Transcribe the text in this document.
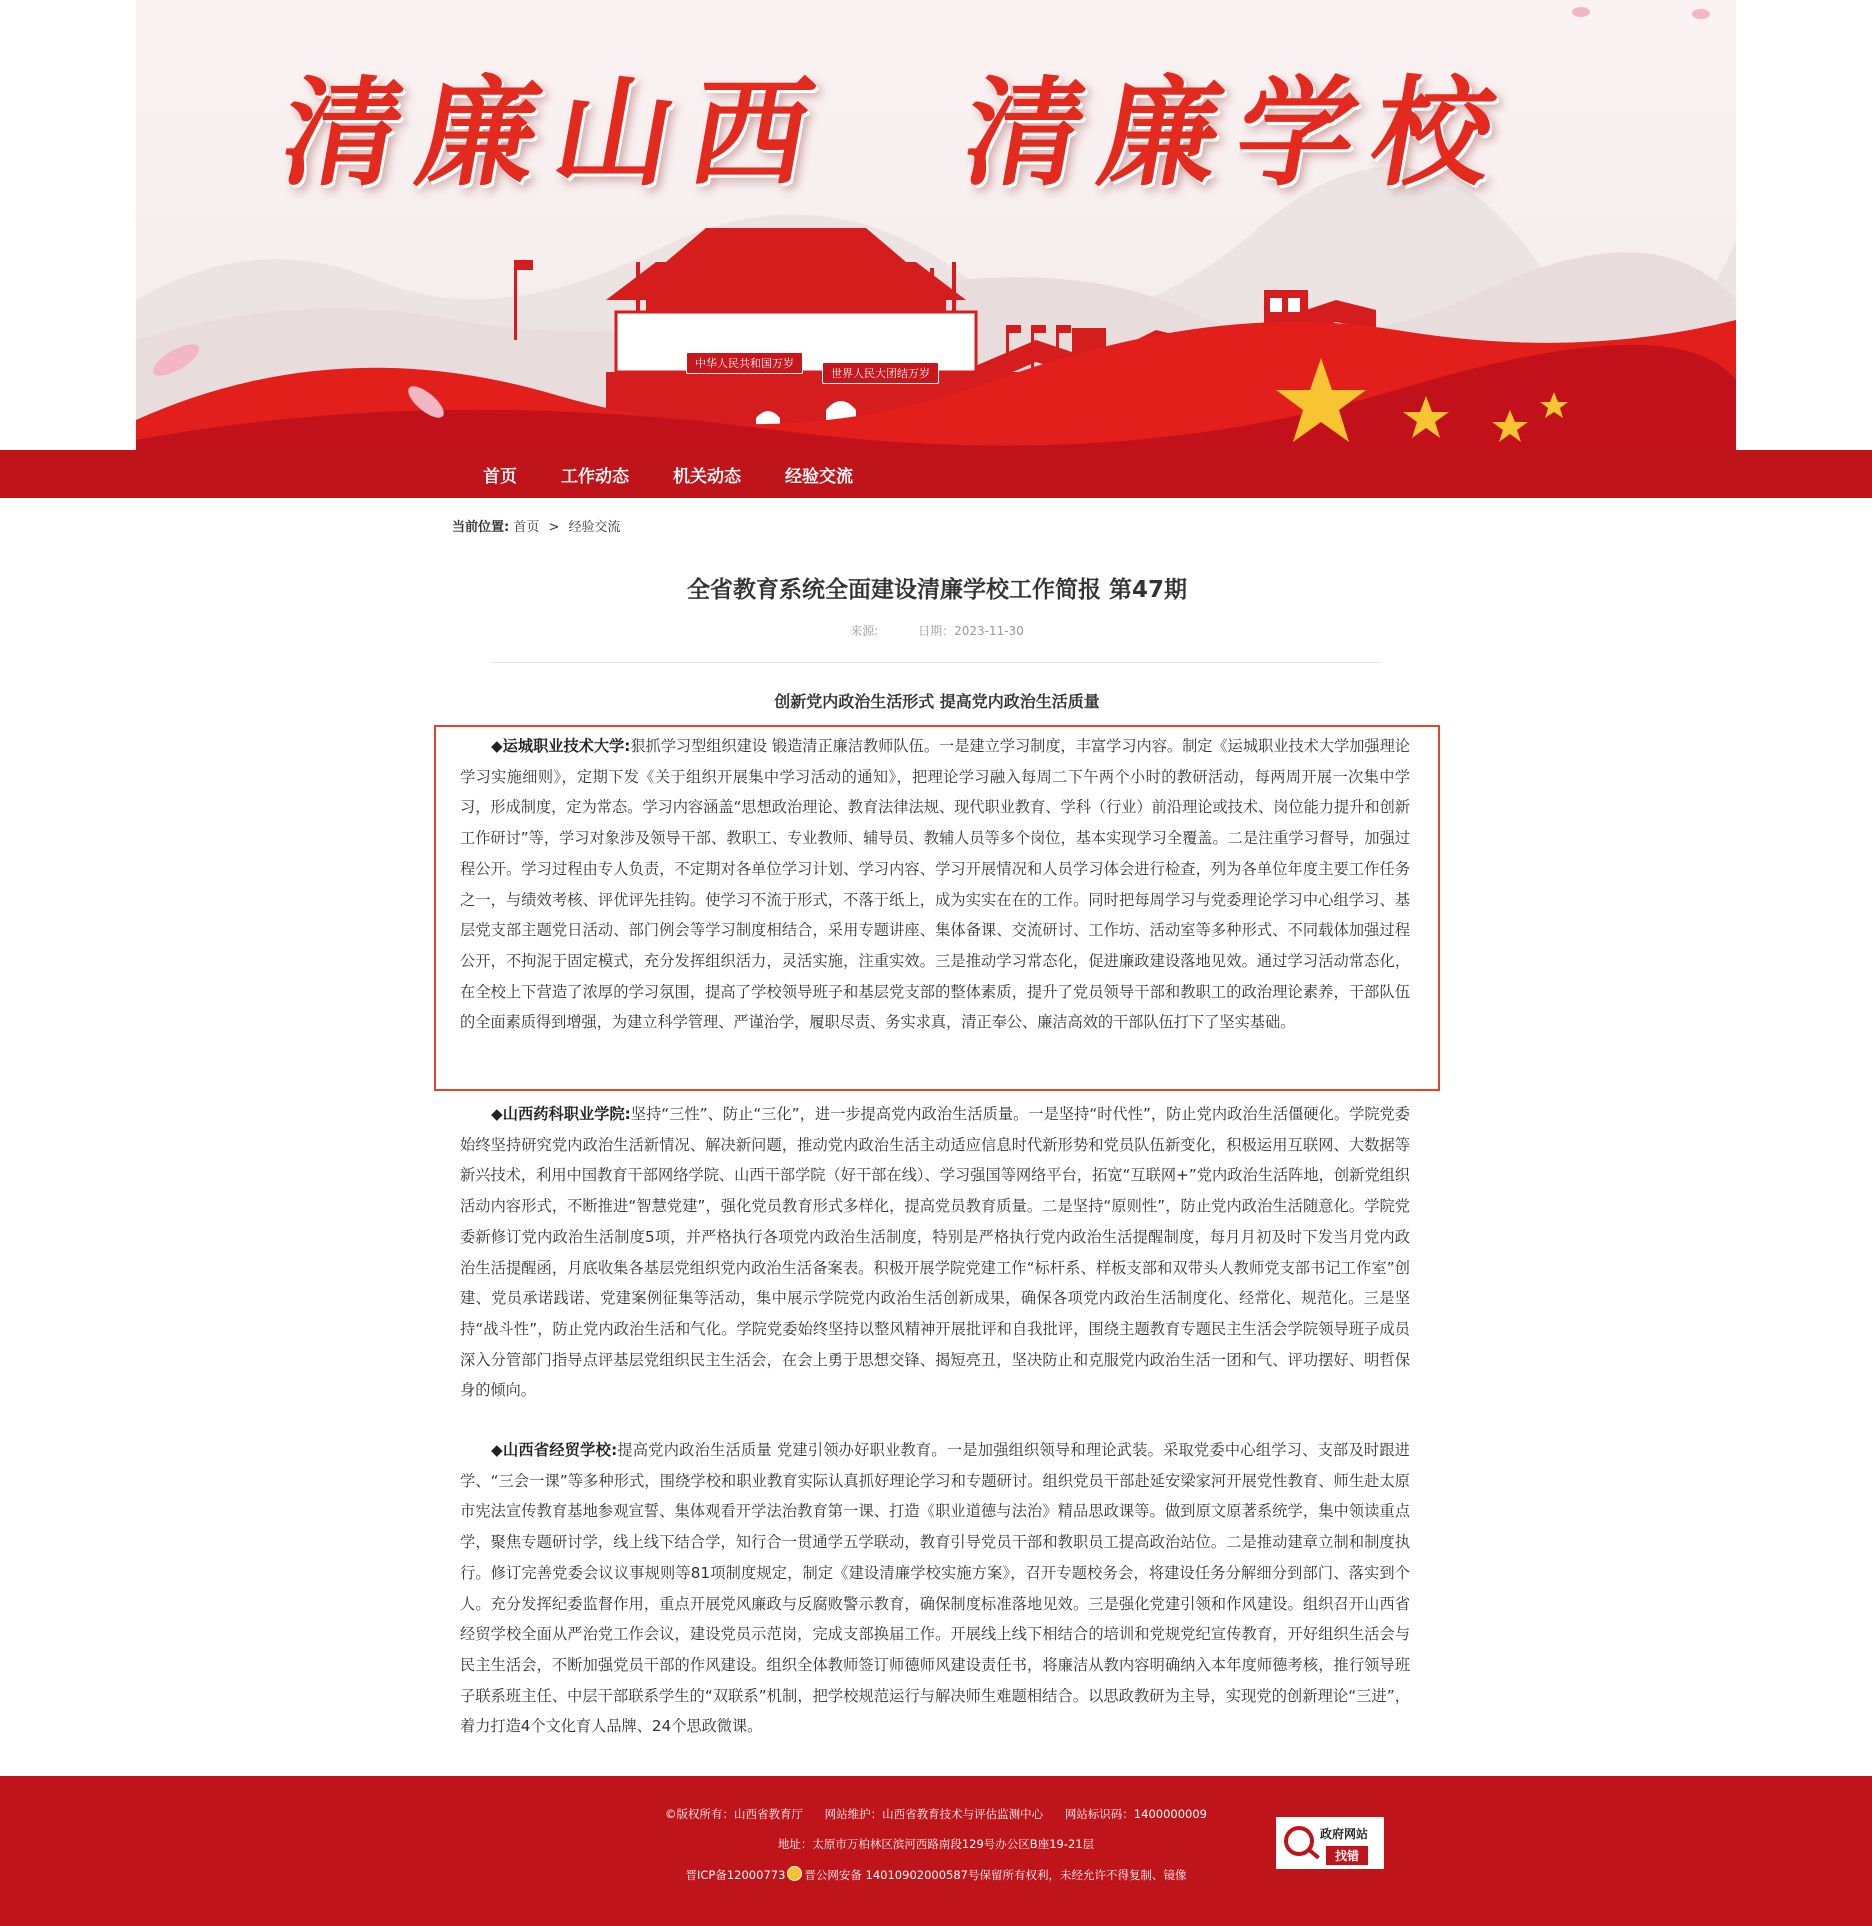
清廉山西 清廉学校
中华人民共和国万岁
世界人民大团结万岁
首页	工作动态	机关动态	经验交流
当前位置: 首页 > 经验交流
全省教育系统全面建设清廉学校工作简报 第47期
来源:	日期：2023-11-30
创新党内政治生活形式 提高党内政治生活质量

◆运城职业技术大学:狠抓学习型组织建设 锻造清正廉洁教师队伍。一是建立学习制度，丰富学习内容。制定《运城职业技术大学加强理论学习实施细则》，定期下发《关于组织开展集中学习活动的通知》，把理论学习融入每周二下午两个小时的教研活动，每两周开展一次集中学习，形成制度，定为常态。学习内容涵盖“思想政治理论、教育法律法规、现代职业教育、学科（行业）前沿理论或技术、岗位能力提升和创新工作研讨”等，学习对象涉及领导干部、教职工、专业教师、辅导员、教辅人员等多个岗位，基本实现学习全覆盖。二是注重学习督导，加强过程公开。学习过程由专人负责，不定期对各单位学习计划、学习内容、学习开展情况和人员学习体会进行检查，列为各单位年度主要工作任务之一，与绩效考核、评优评先挂钩。使学习不流于形式，不落于纸上，成为实实在在的工作。同时把每周学习与党委理论学习中心组学习、基层党支部主题党日活动、部门例会等学习制度相结合，采用专题讲座、集体备课、交流研讨、工作坊、活动室等多种形式、不同载体加强过程公开，不拘泥于固定模式，充分发挥组织活力，灵活实施，注重实效。三是推动学习常态化，促进廉政建设落地见效。通过学习活动常态化，在全校上下营造了浓厚的学习氛围，提高了学校领导班子和基层党支部的整体素质，提升了党员领导干部和教职工的政治理论素养，干部队伍的全面素质得到增强，为建立科学管理、严谨治学，履职尽责、务实求真，清正奉公、廉洁高效的干部队伍打下了坚实基础。

◆山西药科职业学院:坚持“三性”、防止“三化”，进一步提高党内政治生活质量。一是坚持“时代性”，防止党内政治生活僵硬化。学院党委始终坚持研究党内政治生活新情况、解决新问题，推动党内政治生活主动适应信息时代新形势和党员队伍新变化，积极运用互联网、大数据等新兴技术，利用中国教育干部网络学院、山西干部学院（好干部在线）、学习强国等网络平台，拓宽“互联网+”党内政治生活阵地，创新党组织活动内容形式，不断推进“智慧党建”，强化党员教育形式多样化，提高党员教育质量。二是坚持“原则性”，防止党内政治生活随意化。学院党委新修订党内政治生活制度5项，并严格执行各项党内政治生活制度，特别是严格执行党内政治生活提醒制度，每月月初及时下发当月党内政治生活提醒函，月底收集各基层党组织党内政治生活备案表。积极开展学院党建工作“标杆系、样板支部和双带头人教师党支部书记工作室”创建、党员承诺践诺、党建案例征集等活动，集中展示学院党内政治生活创新成果，确保各项党内政治生活制度化、经常化、规范化。三是坚持“战斗性”，防止党内政治生活和气化。学院党委始终坚持以整风精神开展批评和自我批评，围绕主题教育专题民主生活会学院领导班子成员深入分管部门指导点评基层党组织民主生活会，在会上勇于思想交锋、揭短亮丑，坚决防止和克服党内政治生活一团和气、评功摆好、明哲保身的倾向。

◆山西省经贸学校:提高党内政治生活质量 党建引领办好职业教育。一是加强组织领导和理论武装。采取党委中心组学习、支部及时跟进学、“三会一课”等多种形式，围绕学校和职业教育实际认真抓好理论学习和专题研讨。组织党员干部赴延安梁家河开展党性教育、师生赴太原市宪法宣传教育基地参观宣誓、集体观看开学法治教育第一课、打造《职业道德与法治》精品思政课等。做到原文原著系统学，集中领读重点学，聚焦专题研讨学，线上线下结合学，知行合一贯通学五学联动，教育引导党员干部和教职员工提高政治站位。二是推动建章立制和制度执行。修订完善党委会议议事规则等81项制度规定，制定《建设清廉学校实施方案》，召开专题校务会，将建设任务分解细分到部门、落实到个人。充分发挥纪委监督作用，重点开展党风廉政与反腐败警示教育，确保制度标准落地见效。三是强化党建引领和作风建设。组织召开山西省经贸学校全面从严治党工作会议，建设党员示范岗，完成支部换届工作。开展线上线下相结合的培训和党规党纪宣传教育，开好组织生活会与民主生活会，不断加强党员干部的作风建设。组织全体教师签订师德师风建设责任书，将廉洁从教内容明确纳入本年度师德考核，推行领导班子联系班主任、中层干部联系学生的“双联系”机制，把学校规范运行与解决师生难题相结合。以思政教研为主导，实现党的创新理论“三进”，着力打造4个文化育人品牌、24个思政微课。

©版权所有：山西省教育厅 网站维护：山西省教育技术与评估监测中心 网站标识码：1400000009
地址：太原市万柏林区滨河西路南段129号办公区B座19-21层
晋ICP备12000773 晋公网安备 14010902000587号保留所有权利，未经允许不得复制、镜像
政府网站
找错
